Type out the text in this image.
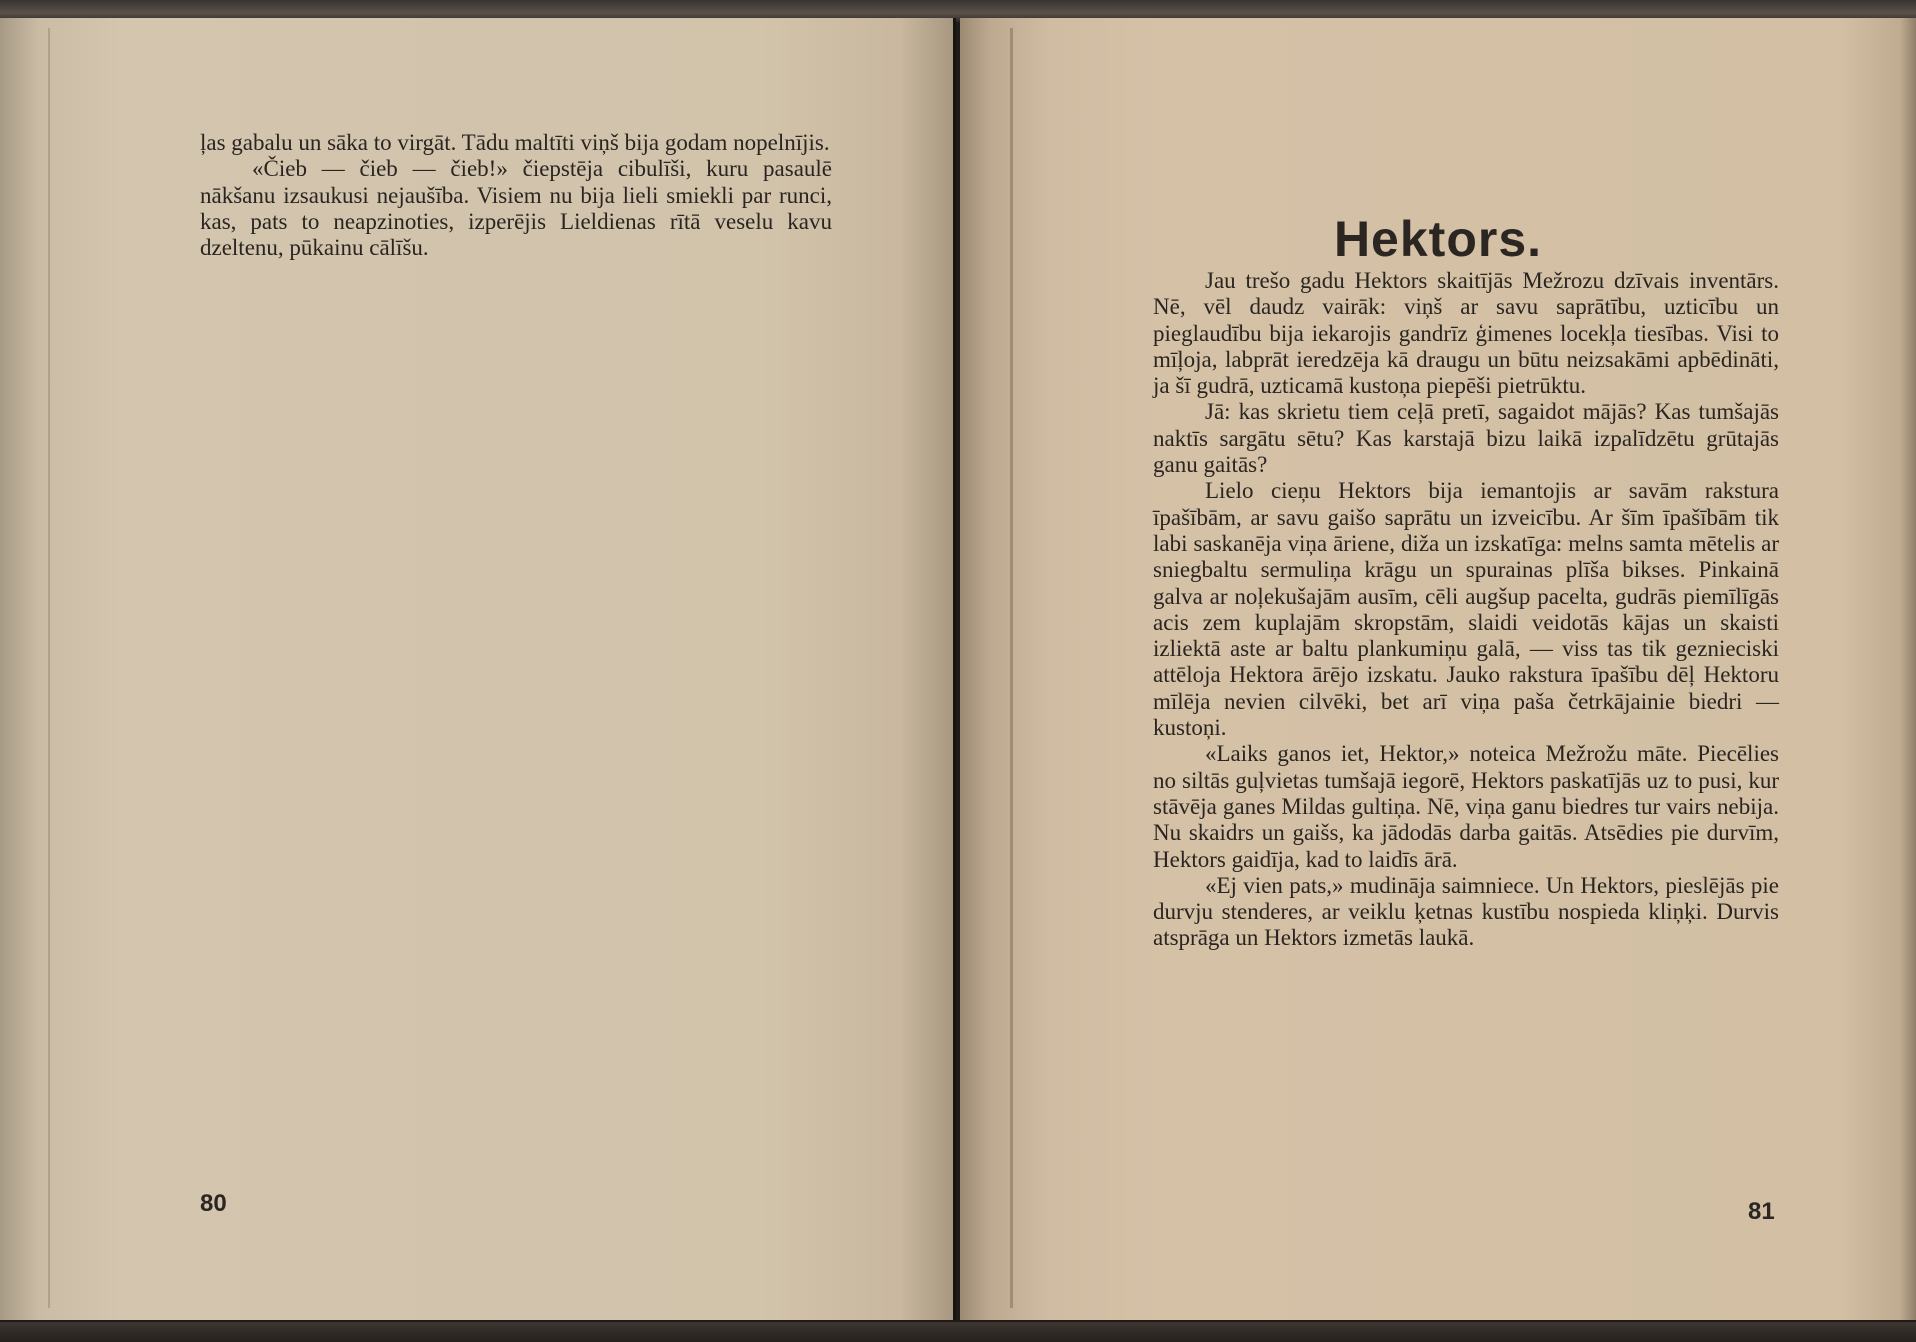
ļas gabalu un sāka to virgāt. Tādu maltīti viņš bija godam nopelnījis.

«Čieb — čieb — čieb!» čiepstēja cibulīši, kuru pasaulē nākšanu izsaukusi nejaušība. Visiem nu bija lieli smiekli par runci, kas, pats to neapzinoties, izperējis Lieldienas rītā veselu kavu dzeltenu, pūkainu cālīšu.

80
Hektors.

Jau trešo gadu Hektors skaitījās Mežrozu dzīvais inventārs. Nē, vēl daudz vairāk: viņš ar savu saprātību, uzticību un pieglaudību bija iekarojis gandrīz ģimenes locekļa tiesības. Visi to mīļoja, labprāt ieredzēja kā draugu un būtu neizsakāmi apbēdināti, ja šī gudrā, uzticamā kustoņa piepēši pietrūktu.

Jā: kas skrietu tiem ceļā pretī, sagaidot mājās? Kas tumšajās naktīs sargātu sētu? Kas karstajā bizu laikā izpalīdzētu grūtajās ganu gaitās?

Lielo cieņu Hektors bija iemantojis ar savām rakstura īpašībām, ar savu gaišo saprātu un izveicību. Ar šīm īpašībām tik labi saskanēja viņa āriene, diža un izskatīga: melns samta mētelis ar sniegbaltu sermuliņa krāgu un spurainas plīša bikses. Pinkainā galva ar noļekušajām ausīm, cēli augšup pacelta, gudrās piemīlīgās acis zem kuplajām skropstām, slaidi veidotās kājas un skaisti izliektā aste ar baltu plankumiņu galā, — viss tas tik geznieciski attēloja Hektora ārējo izskatu. Jauko rakstura īpašību dēļ Hektoru mīlēja nevien cilvēki, bet arī viņa paša četrkājainie biedri — kustoņi.

«Laiks ganos iet, Hektor,» noteica Mežrožu māte. Piecēlies no siltās guļvietas tumšajā iegorē, Hektors paskatījās uz to pusi, kur stāvēja ganes Mildas gultiņa. Nē, viņa ganu biedres tur vairs nebija. Nu skaidrs un gaišs, ka jādodās darba gaitās. Atsēdies pie durvīm, Hektors gaidīja, kad to laidīs ārā.

«Ej vien pats,» mudināja saimniece. Un Hektors, pieslējās pie durvju stenderes, ar veiklu ķetnas kustību nospieda kliņķi. Durvis atsprāga un Hektors izmetās laukā.

81
